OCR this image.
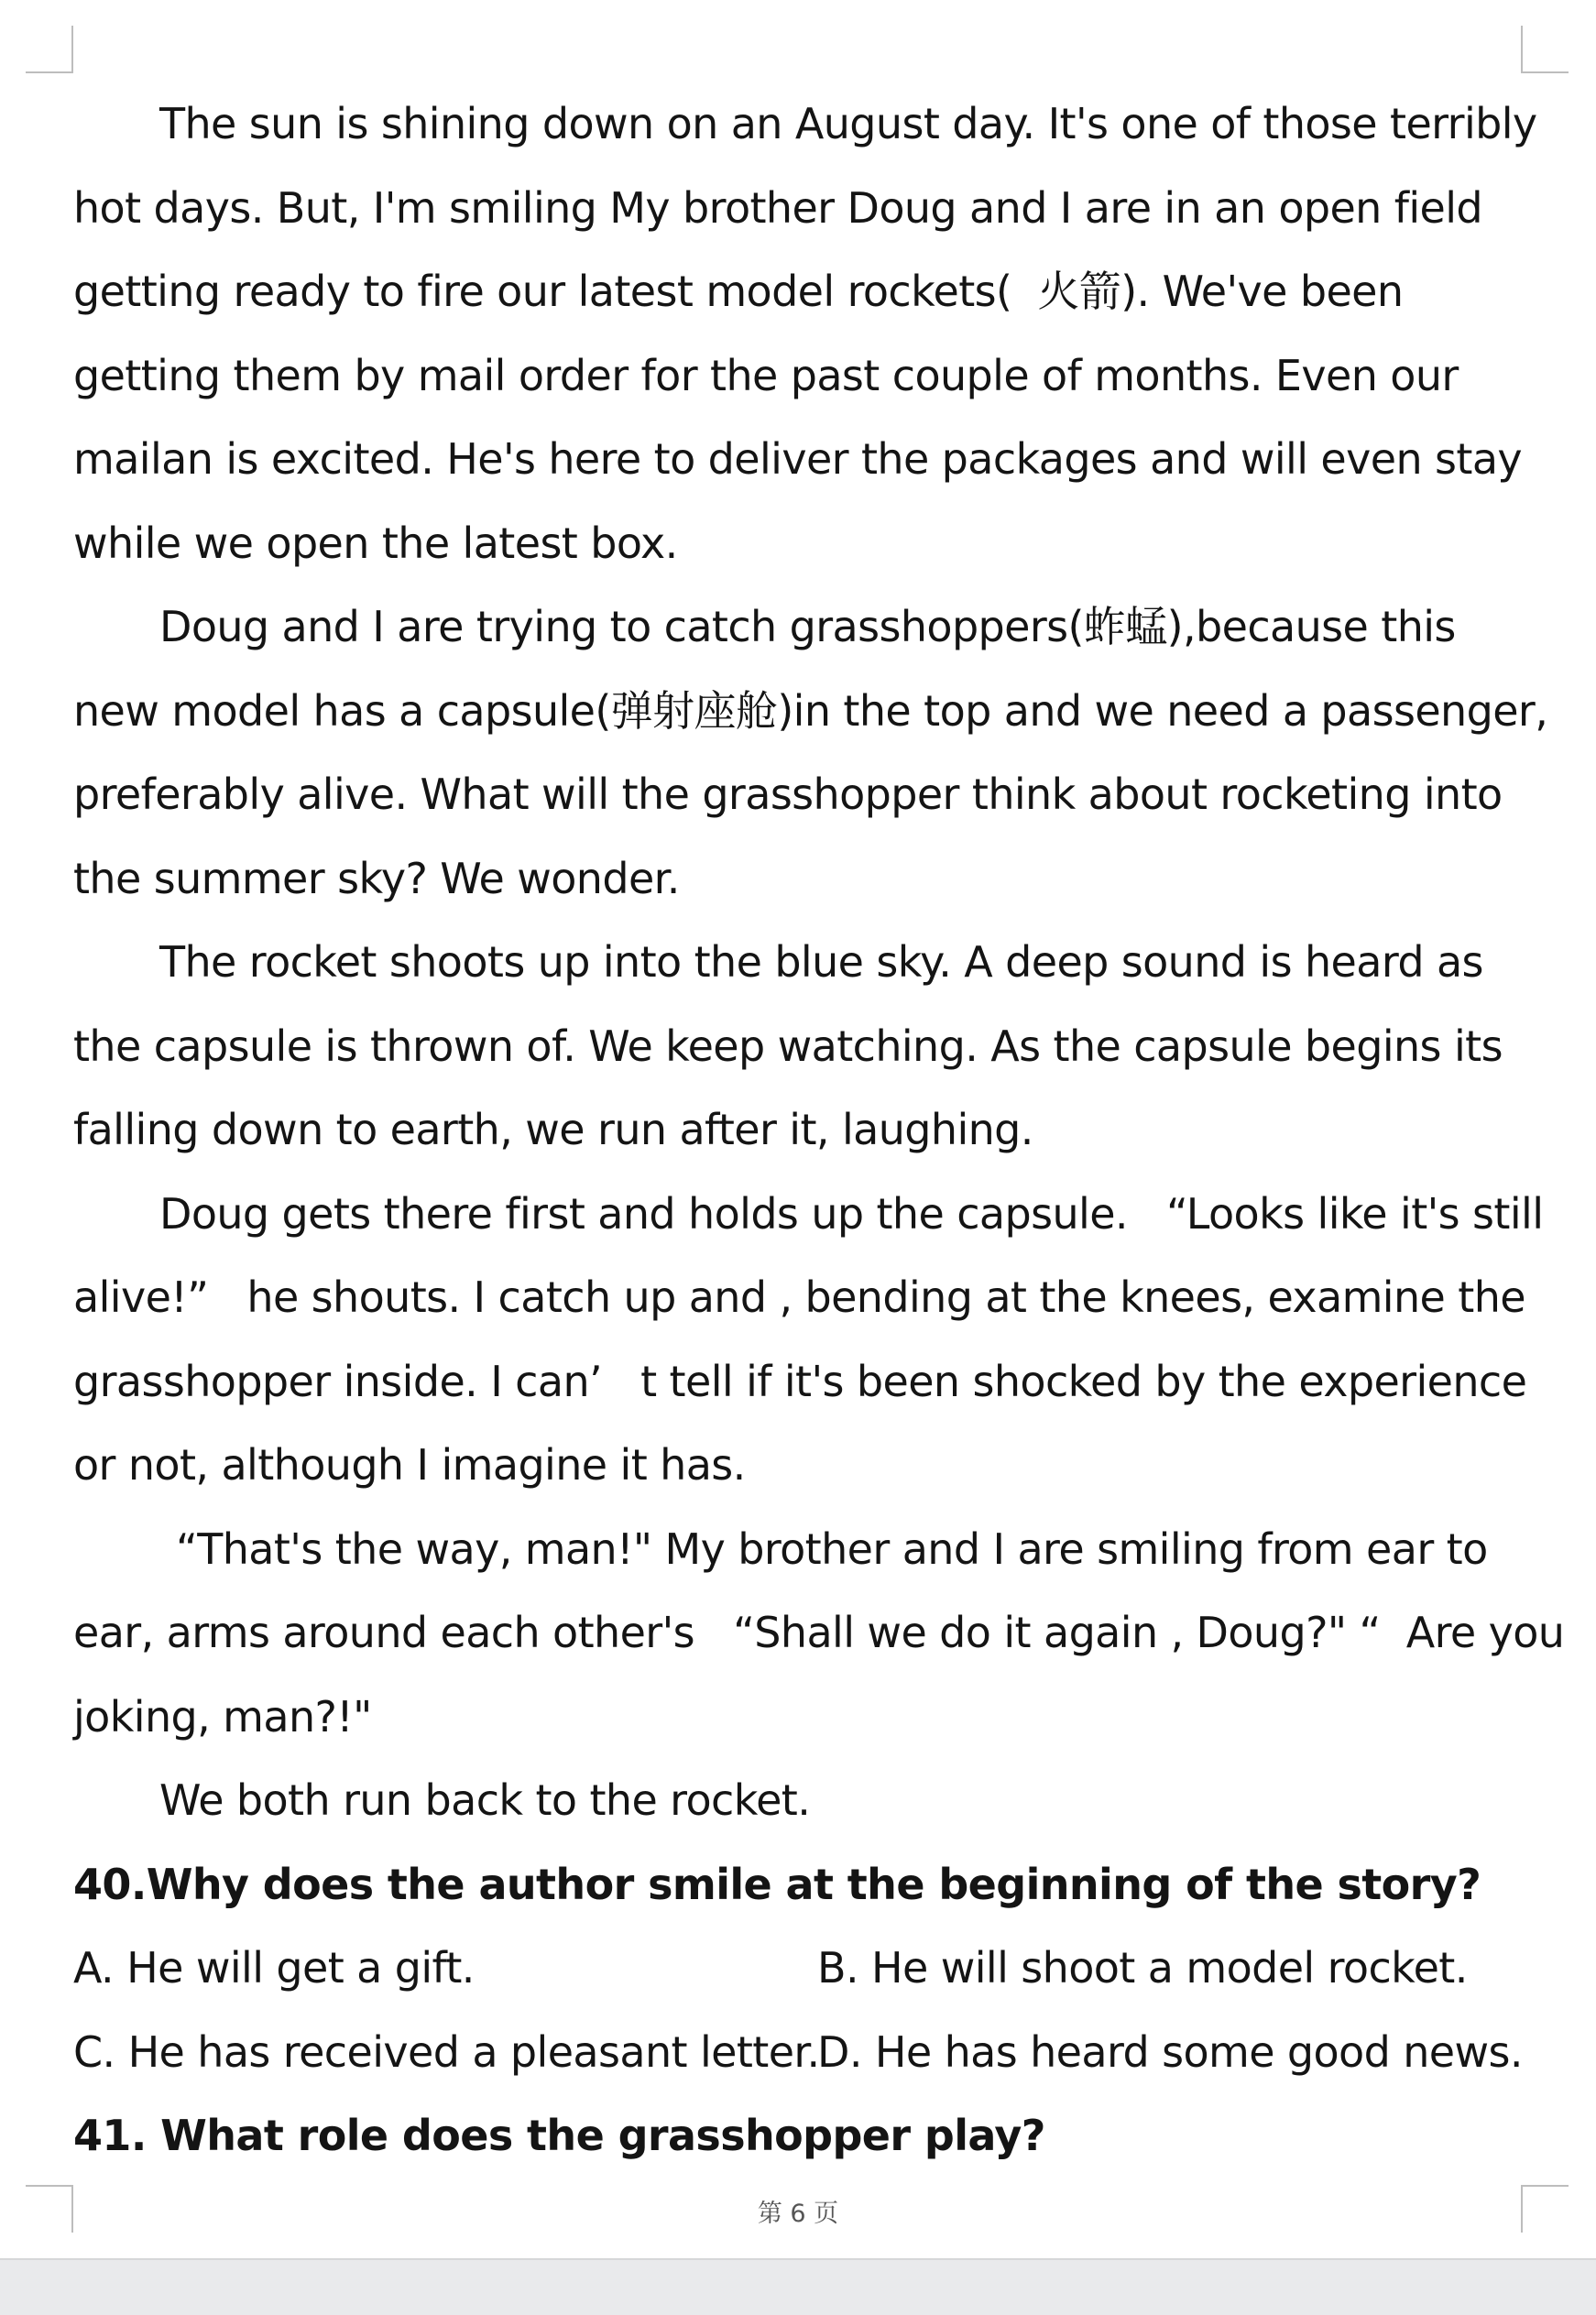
The sun is shining down on an August day. It's one of those terribly
hot days. But, I'm smiling My brother Doug and I are in an open field
getting ready to fire our latest model rockets(  火箭). We've been
getting them by mail order for the past couple of months. Even our
mailan is excited. He's here to deliver the packages and will even stay
while we open the latest box.
Doug and I are trying to catch grasshoppers(蚱蜢),because this
new model has a capsule(弹射座舱)in the top and we need a passenger,
preferably alive. What will the grasshopper think about rocketing into
the summer sky? We wonder.
The rocket shoots up into the blue sky. A deep sound is heard as
the capsule is thrown of. We keep watching. As the capsule begins its
falling down to earth, we run after it, laughing.
Doug gets there first and holds up the capsule.   “Looks like it's still
alive!”   he shouts. I catch up and , bending at the knees, examine the
grasshopper inside. I can’   t tell if it's been shocked by the experience
or not, although I imagine it has.
“That's the way, man!" My brother and I are smiling from ear to
ear, arms around each other's   “Shall we do it again , Doug?" “  Are you
joking, man?!"
We both run back to the rocket.
40.Why does the author smile at the beginning of the story?
A. He will get a gift.	B. He will shoot a model rocket.
C. He has received a pleasant letter.
D. He has heard some good news.
41. What role does the grasshopper play?
第 6 页
